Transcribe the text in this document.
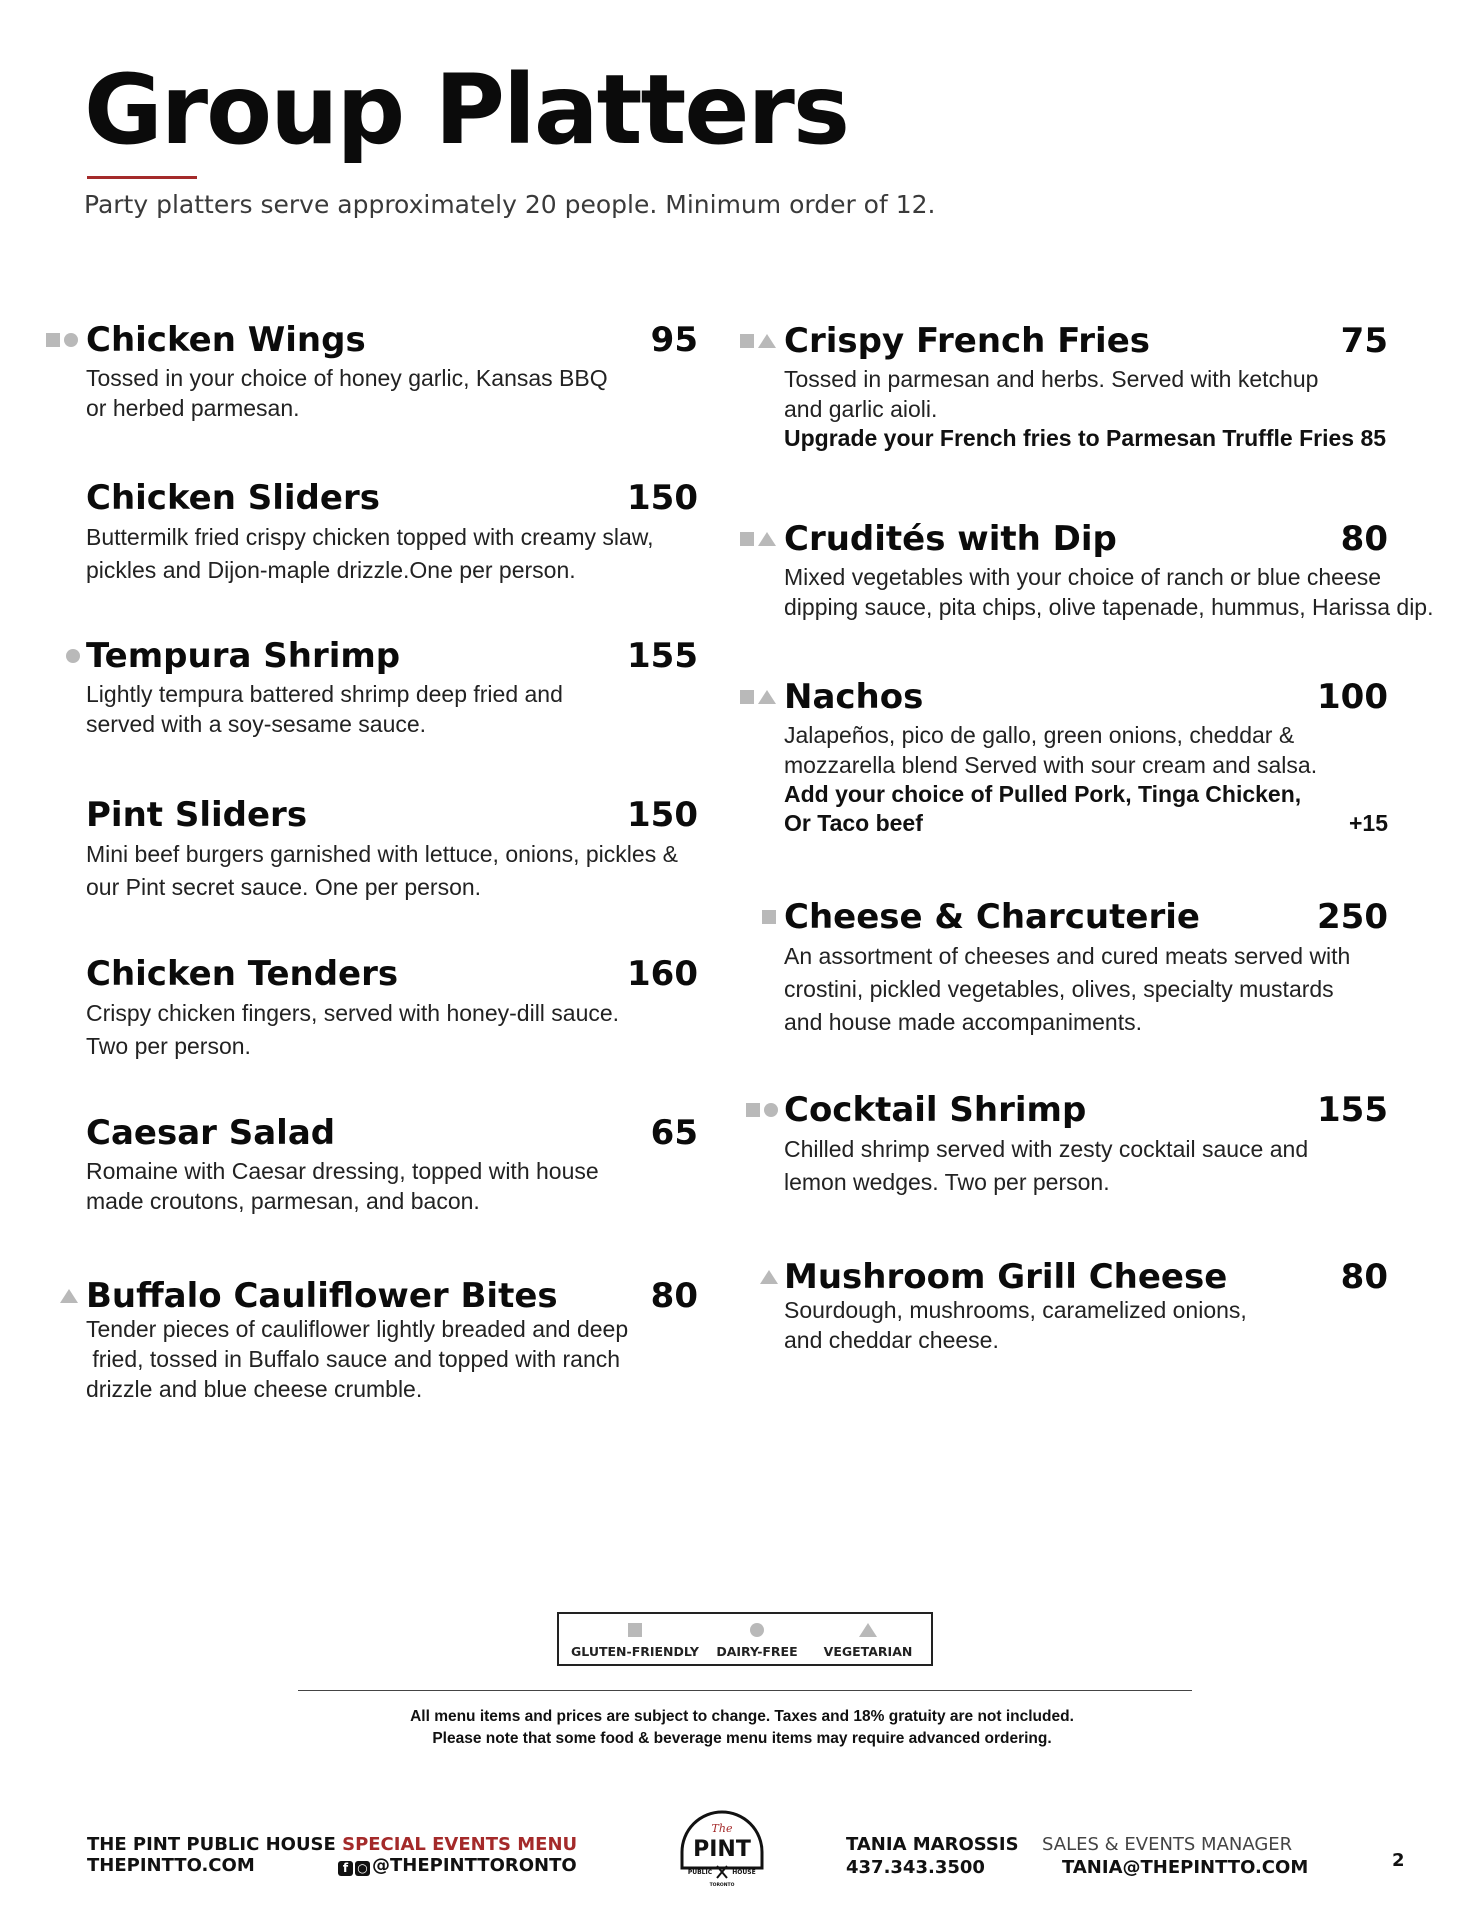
Group Platters
Party platters serve approximately 20 people. Minimum order of 12.
Chicken Wings	95
Tossed in your choice of honey garlic, Kansas BBQ
or herbed parmesan.
Chicken Sliders	150
Buttermilk fried crispy chicken topped with creamy slaw,
pickles and Dijon-maple drizzle.One per person.
Tempura Shrimp	155
Lightly tempura battered shrimp deep fried and
served with a soy-sesame sauce.
Pint Sliders	150
Mini beef burgers garnished with lettuce, onions, pickles &
our Pint secret sauce. One per person.
Chicken Tenders	160
Crispy chicken fingers, served with honey-dill sauce.
Two per person.
Caesar Salad	65
Romaine with Caesar dressing, topped with house
made croutons, parmesan, and bacon.
Buffalo Cauliflower Bites	80
Tender pieces of cauliflower lightly breaded and deep
fried, tossed in Buffalo sauce and topped with ranch
drizzle and blue cheese crumble.
Crispy French Fries	75
Tossed in parmesan and herbs. Served with ketchup
and garlic aioli.
Upgrade your French fries to Parmesan Truffle Fries 85
Crudités with Dip	80
Mixed vegetables with your choice of ranch or blue cheese
dipping sauce, pita chips, olive tapenade, hummus, Harissa dip.
Nachos	100
Jalapeños, pico de gallo, green onions, cheddar &
mozzarella blend Served with sour cream and salsa.
Add your choice of Pulled Pork, Tinga Chicken,
Or Taco beef	+15
Cheese & Charcuterie	250
An assortment of cheeses and cured meats served with
crostini, pickled vegetables, olives, specialty mustards
and house made accompaniments.
Cocktail Shrimp	155
Chilled shrimp served with zesty cocktail sauce and
lemon wedges. Two per person.
Mushroom Grill Cheese	80
Sourdough, mushrooms, caramelized onions,
and cheddar cheese.
GLUTEN-FRIENDLY	DAIRY-FREE	VEGETARIAN
All menu items and prices are subject to change. Taxes and 18% gratuity are not included.
Please note that some food & beverage menu items may require advanced ordering.
THE PINT PUBLIC HOUSE SPECIAL EVENTS MENU
THEPINTTO.COM	f ○ @THEPINTTORONTO
The
PINT
PUBLIC	HOUSE
TORONTO
TANIA MAROSSIS SALES & EVENTS MANAGER
437.343.3500	TANIA@THEPINTTO.COM	2
